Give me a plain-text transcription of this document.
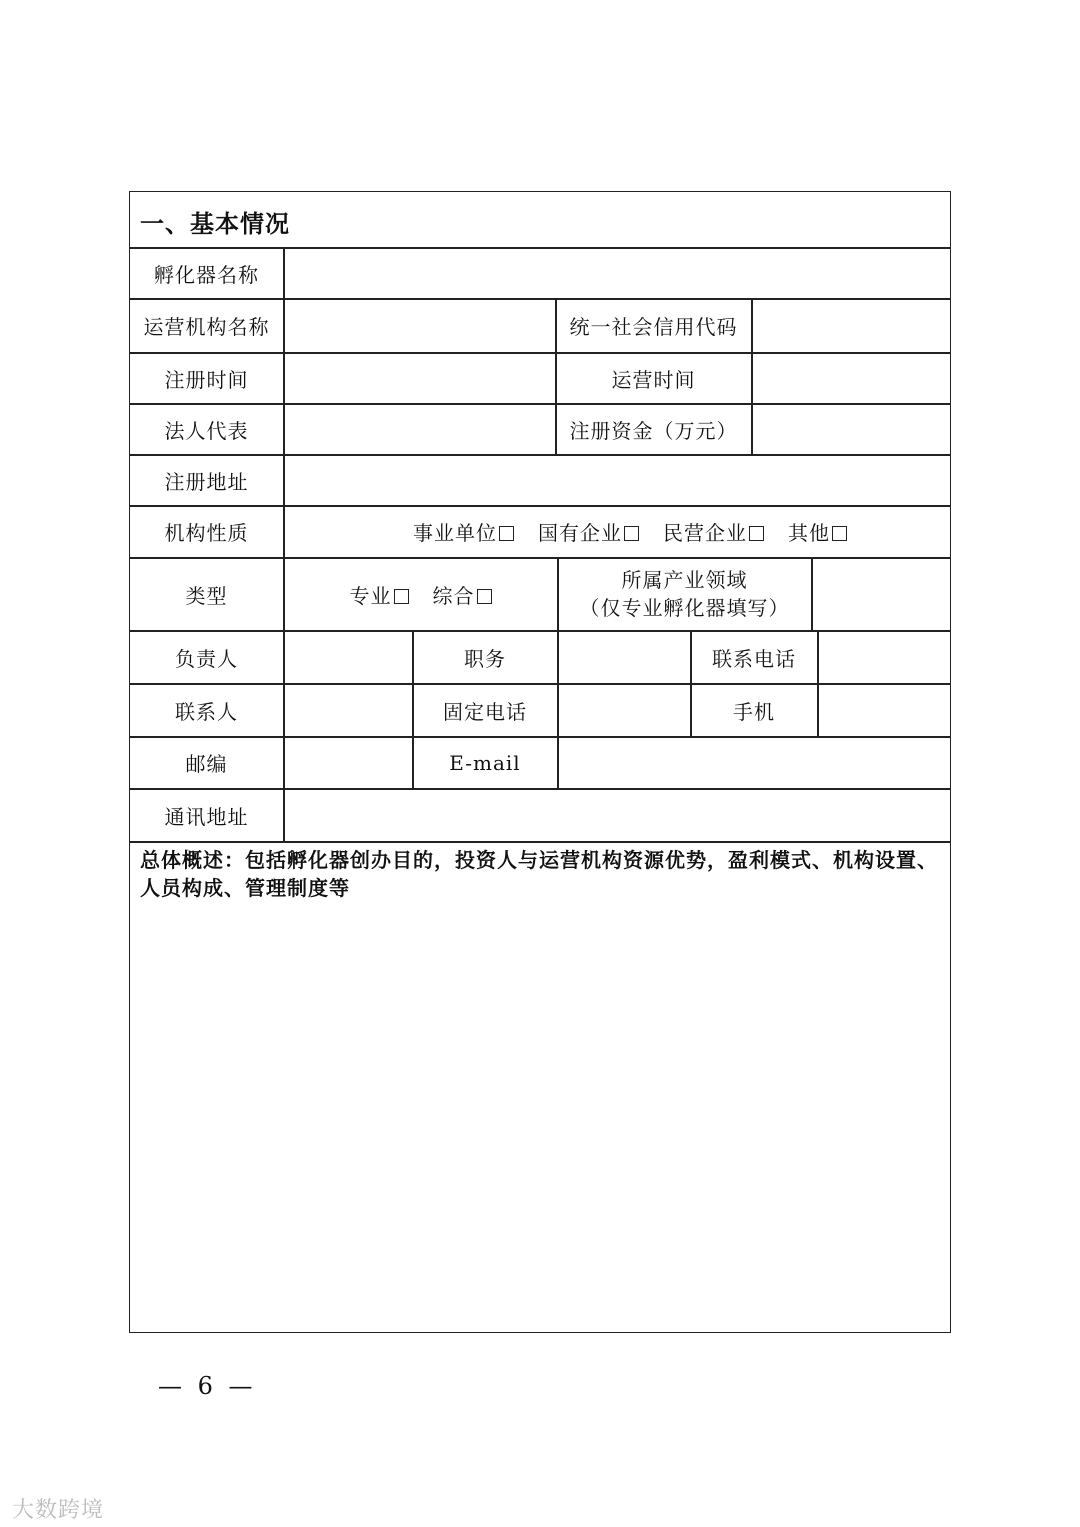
一、基本情况
孵化器名称
运营机构名称	统一社会信用代码
注册时间	运营时间
法人代表	注册资金（万元）
注册地址
机构性质	事业单位	国有企业	民营企业	其他
类型	专业	综合
所属产业领域
（仅专业孵化器填写）
负责人	职务	联系电话
联系人	固定电话	手机
邮编	E-mail
通讯地址
总体概述：包括孵化器创办目的，投资人与运营机构资源优势，盈利模式、机构设置、人员构成、管理制度等
— 6 —
大数跨境
